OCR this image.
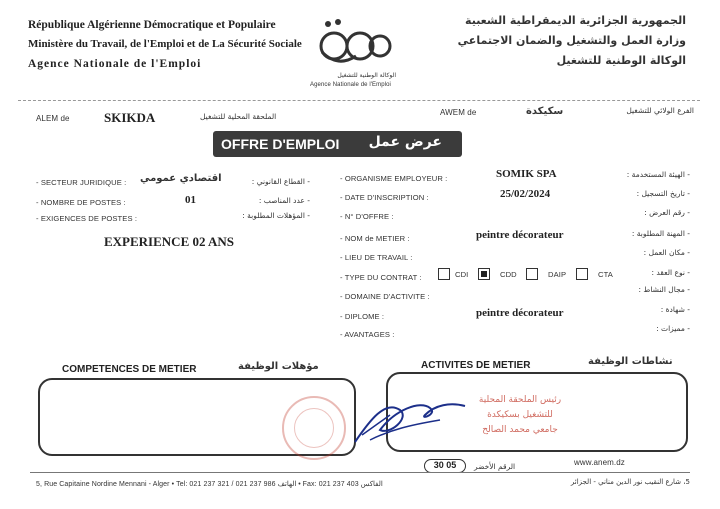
République Algérienne Démocratique et Populaire
Ministère du Travail, de l'Emploi et de La Sécurité Sociale
Agence Nationale de l'Emploi
الوكالة الوطنية للتشغيل
Agence Nationale de l'Emploi
الجمهورية الجزائرية الديمقراطية الشعبية
وزارة العمل والتشغيل والضمان الاجتماعي
الوكالة الوطنية للتشغيل
ALEM de	SKIKDA	الملحقة المحلية للتشغيل	AWEM de	سكيكدة	الفرع الولائي للتشغيل
OFFRE D'EMPLOI عرض عمل
- SECTEUR JURIDIQUE : اقتصادي عمومي	- القطاع القانوني :
- NOMBRE DE POSTES :	01	- عدد المناصب :
- EXIGENCES DE POSTES :	- المؤهلات المطلوبة :
EXPERIENCE 02 ANS
- ORGANISME EMPLOYEUR :	SOMIK SPA	- الهيئة المستخدمة :
- DATE D'INSCRIPTION :	25/02/2024	- تاريخ التسجيل :
- N° D'OFFRE :	- رقم العرض :
- NOM de METIER :	peintre décorateur	- المهنة المطلوبة :
- LIEU DE TRAVAIL :
- مكان العمل :
- TYPE DU CONTRAT :	CDI	CDD	DAIP	CTA	- نوع العقد :
- DOMAINE D'ACTIVITE :
- مجال النشاط :
- DIPLOME :	peintre décorateur	- شهادة :
- AVANTAGES :
- مميزات :
COMPETENCES DE METIER	مؤهلات الوظيفة	ACTIVITES DE METIER	نشاطات الوظيفة
رئيس الملحقة المحلية
للتشغيل بسكيكدة
جامعي محمد الصالح
30 05	الرقم الأخضر	www.anem.dz
5, Rue Capitaine Nordine Mennani - Alger • Tel: 021 237 321 / 021 237 986 الهاتف • Fax: 021 237 403 الفاكس	5، شارع النقيب نور الدين مناني - الجزائر
